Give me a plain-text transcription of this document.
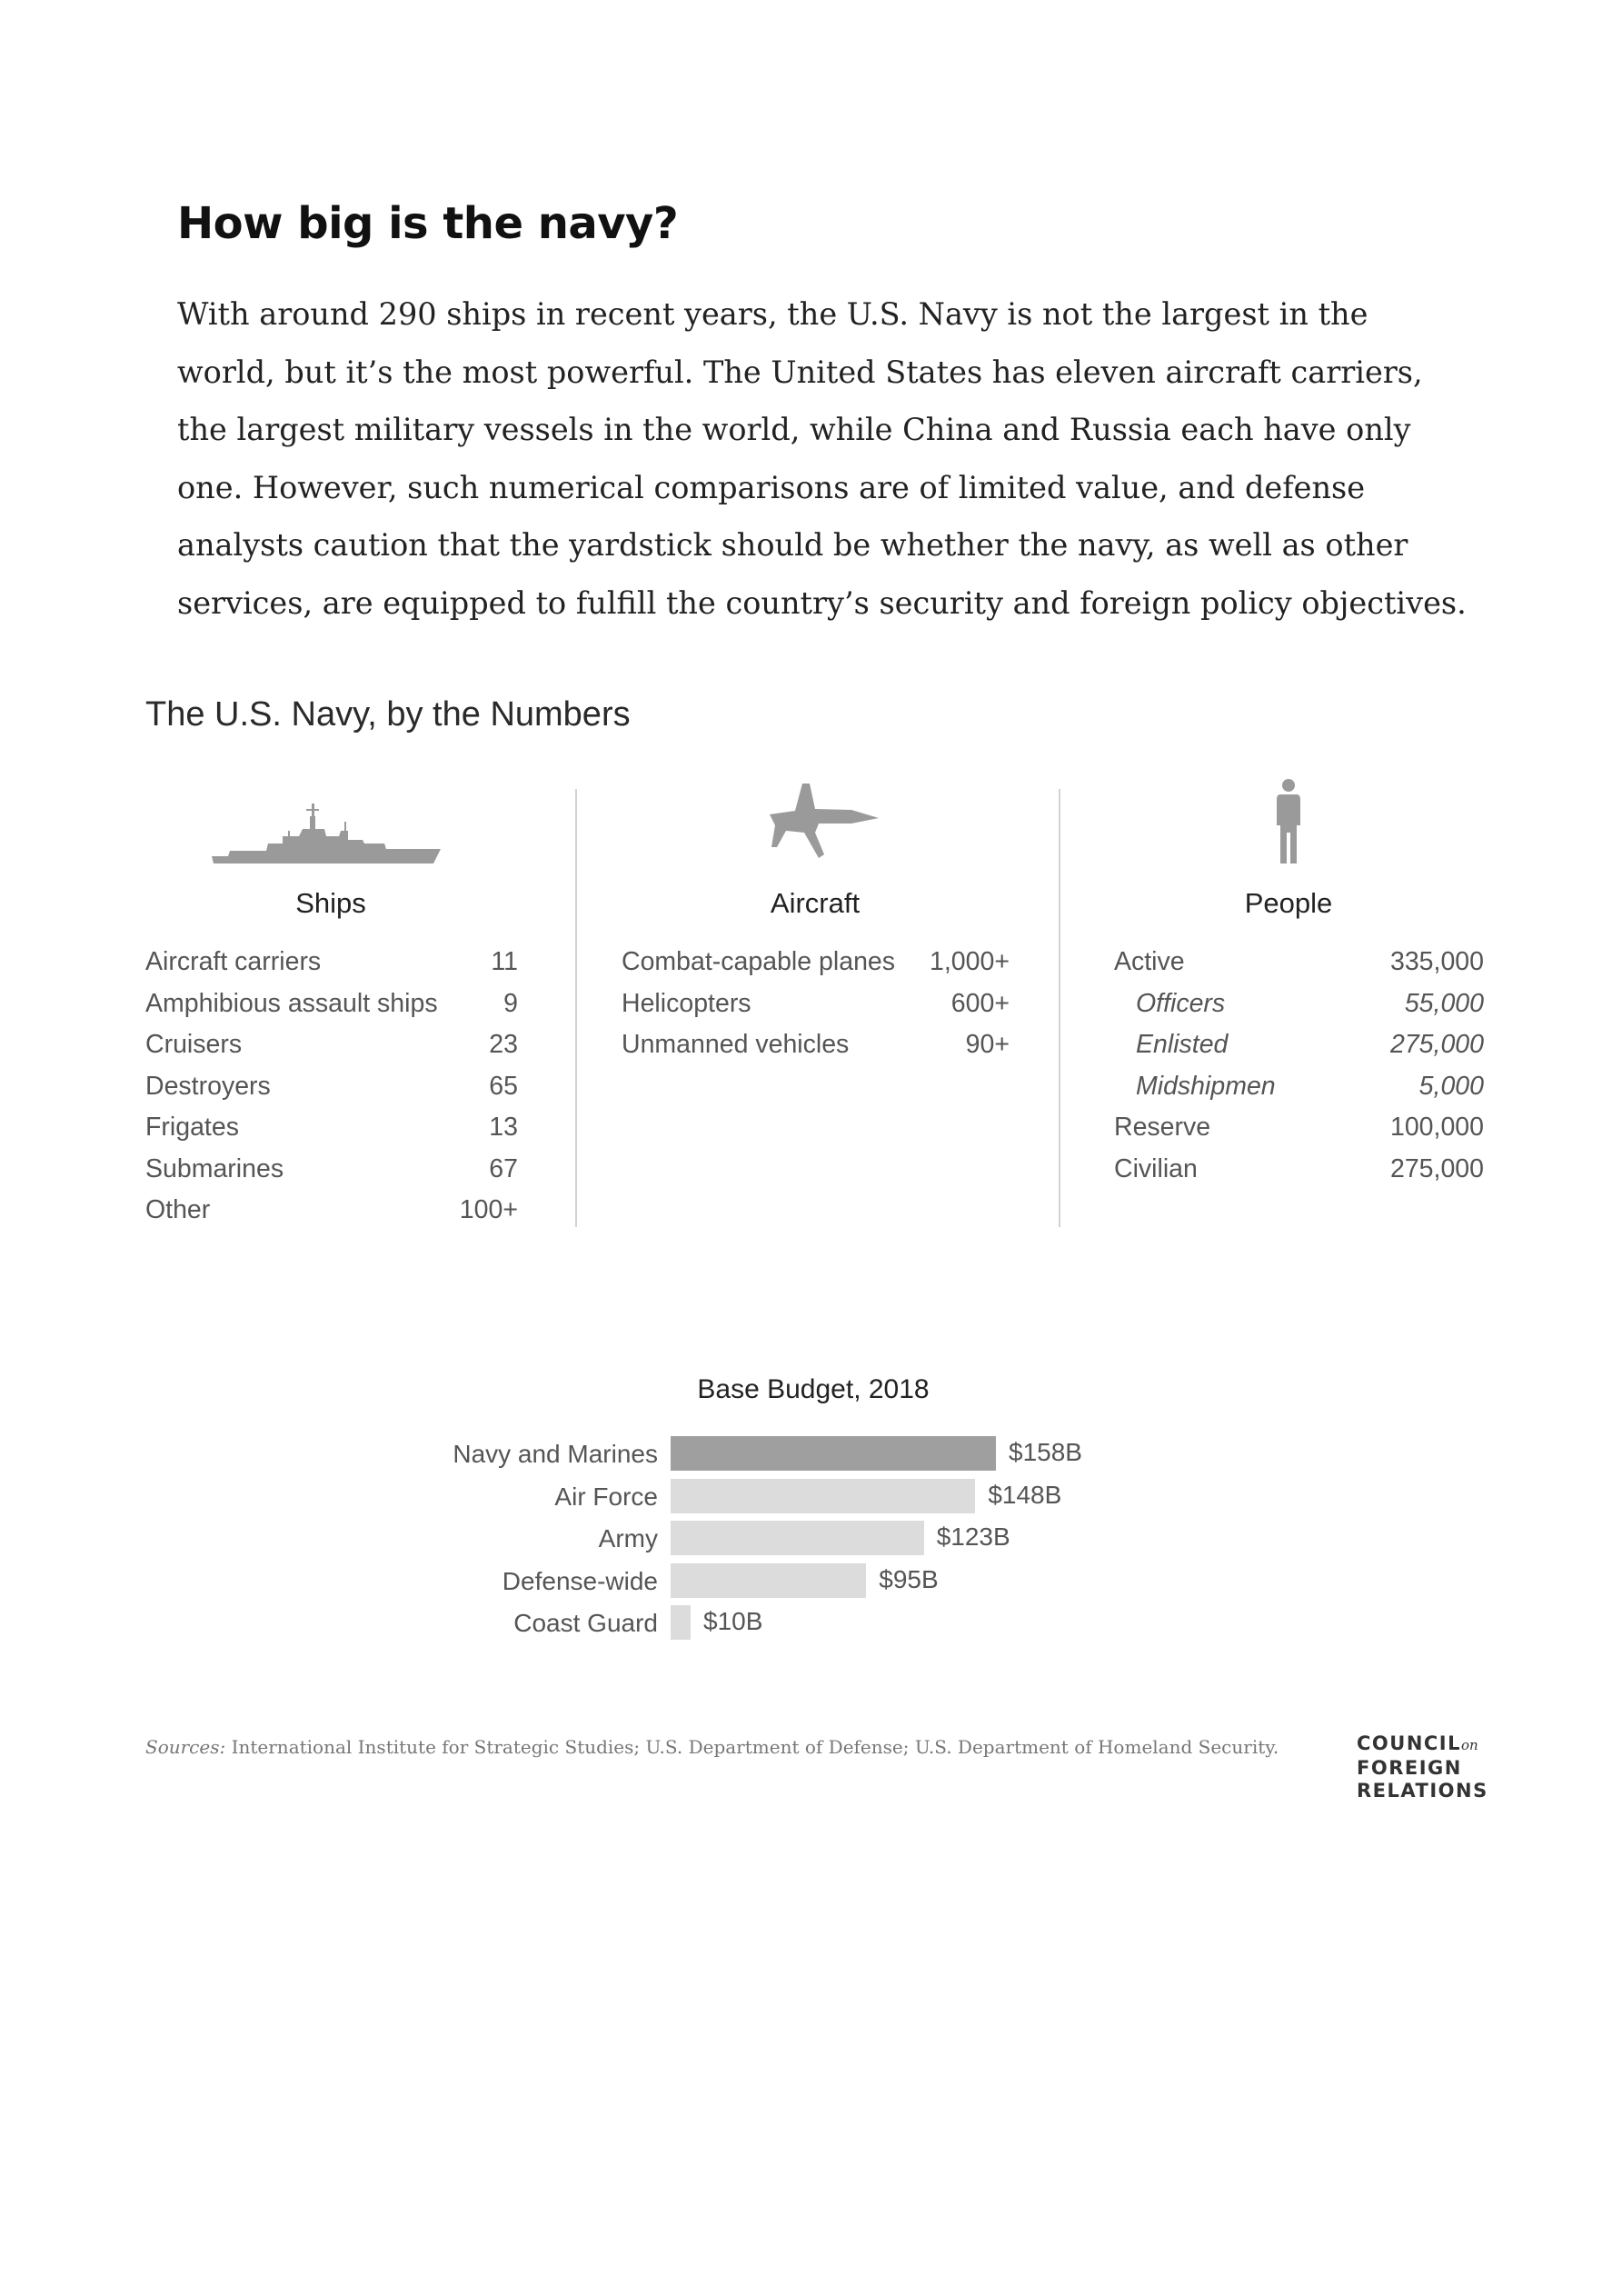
How big is the navy?

With around 290 ships in recent years, the U.S. Navy is not the largest in the world, but it’s the most powerful. The United States has eleven aircraft carriers, the largest military vessels in the world, while China and Russia each have only one. However, such numerical comparisons are of limited value, and defense analysts caution that the yardstick should be whether the navy, as well as other services, are equipped to fulfill the country’s security and foreign policy objectives.

The U.S. Navy, by the Numbers
Ships	Aircraft	People
Aircraft carriers	11
Amphibious assault ships	9
Cruisers	23
Destroyers	65
Frigates	13
Submarines	67
Other	100+
Combat-capable planes 1,000+
Helicopters	600+
Unmanned vehicles	90+
Active	335,000
Officers	55,000
Enlisted	275,000
Midshipmen	5,000
Reserve	100,000
Civilian	275,000
Base Budget, 2018
Navy and Marines	$158B
Air Force	$148B
Army	$123B
Defense-wide	$95B
Coast Guard $10B
Sources: International Institute for Strategic Studies; U.S. Department of Defense; U.S. Department of Homeland Security.	COUNCILon
FOREIGN
RELATIONS
